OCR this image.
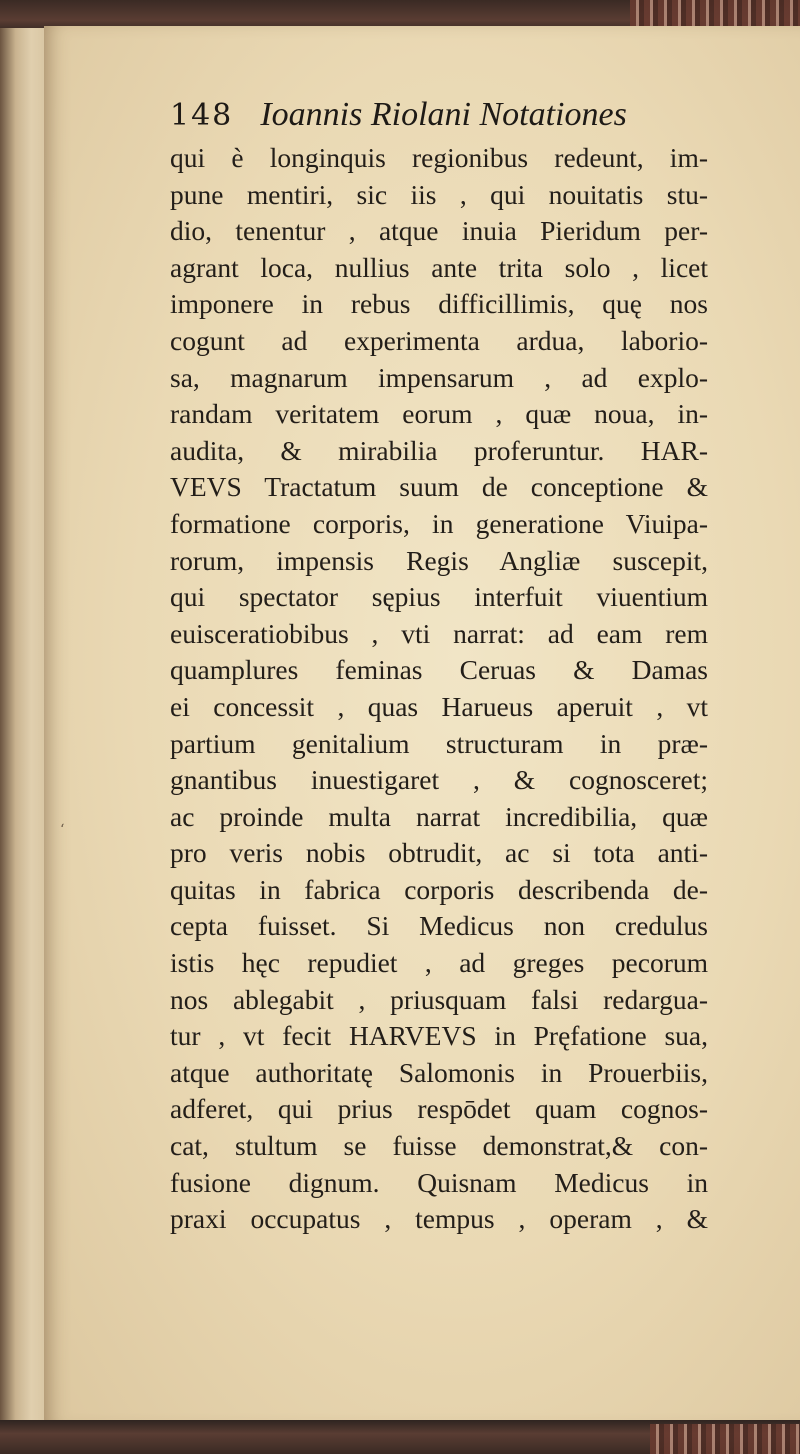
148 Ioannis Riolani Notationes
‘
qui è longinquis regionibus redeunt, im-
pune mentiri, sic iis , qui nouitatis stu-
dio, tenentur , atque inuia Pieridum per-
agrant loca, nullius ante trita solo , licet
imponere in rebus difficillimis, quę nos
cogunt ad experimenta ardua, laborio-
sa, magnarum impensarum , ad explo-
randam veritatem eorum , quæ noua, in-
audita, & mirabilia proferuntur. HAR-
VEVS Tractatum suum de conceptione &
formatione corporis, in generatione Viuipa-
rorum, impensis Regis Angliæ suscepit,
qui spectator sępius interfuit viuentium
euisceratiobibus , vti narrat: ad eam rem
quamplures feminas Ceruas & Damas
ei concessit , quas Harueus aperuit , vt
partium genitalium structuram in præ-
gnantibus inuestigaret , & cognosceret;
ac proinde multa narrat incredibilia, quæ
pro veris nobis obtrudit, ac si tota anti-
quitas in fabrica corporis describenda de-
cepta fuisset. Si Medicus non credulus
istis hęc repudiet , ad greges pecorum
nos ablegabit , priusquam falsi redargua-
tur , vt fecit HARVEVS in Pręfatione sua,
atque authoritatę Salomonis in Prouerbiis,
adferet, qui prius respōdet quam cognos-
cat, stultum se fuisse demonstrat,& con-
fusione dignum. Quisnam Medicus in
praxi occupatus , tempus , operam , &
